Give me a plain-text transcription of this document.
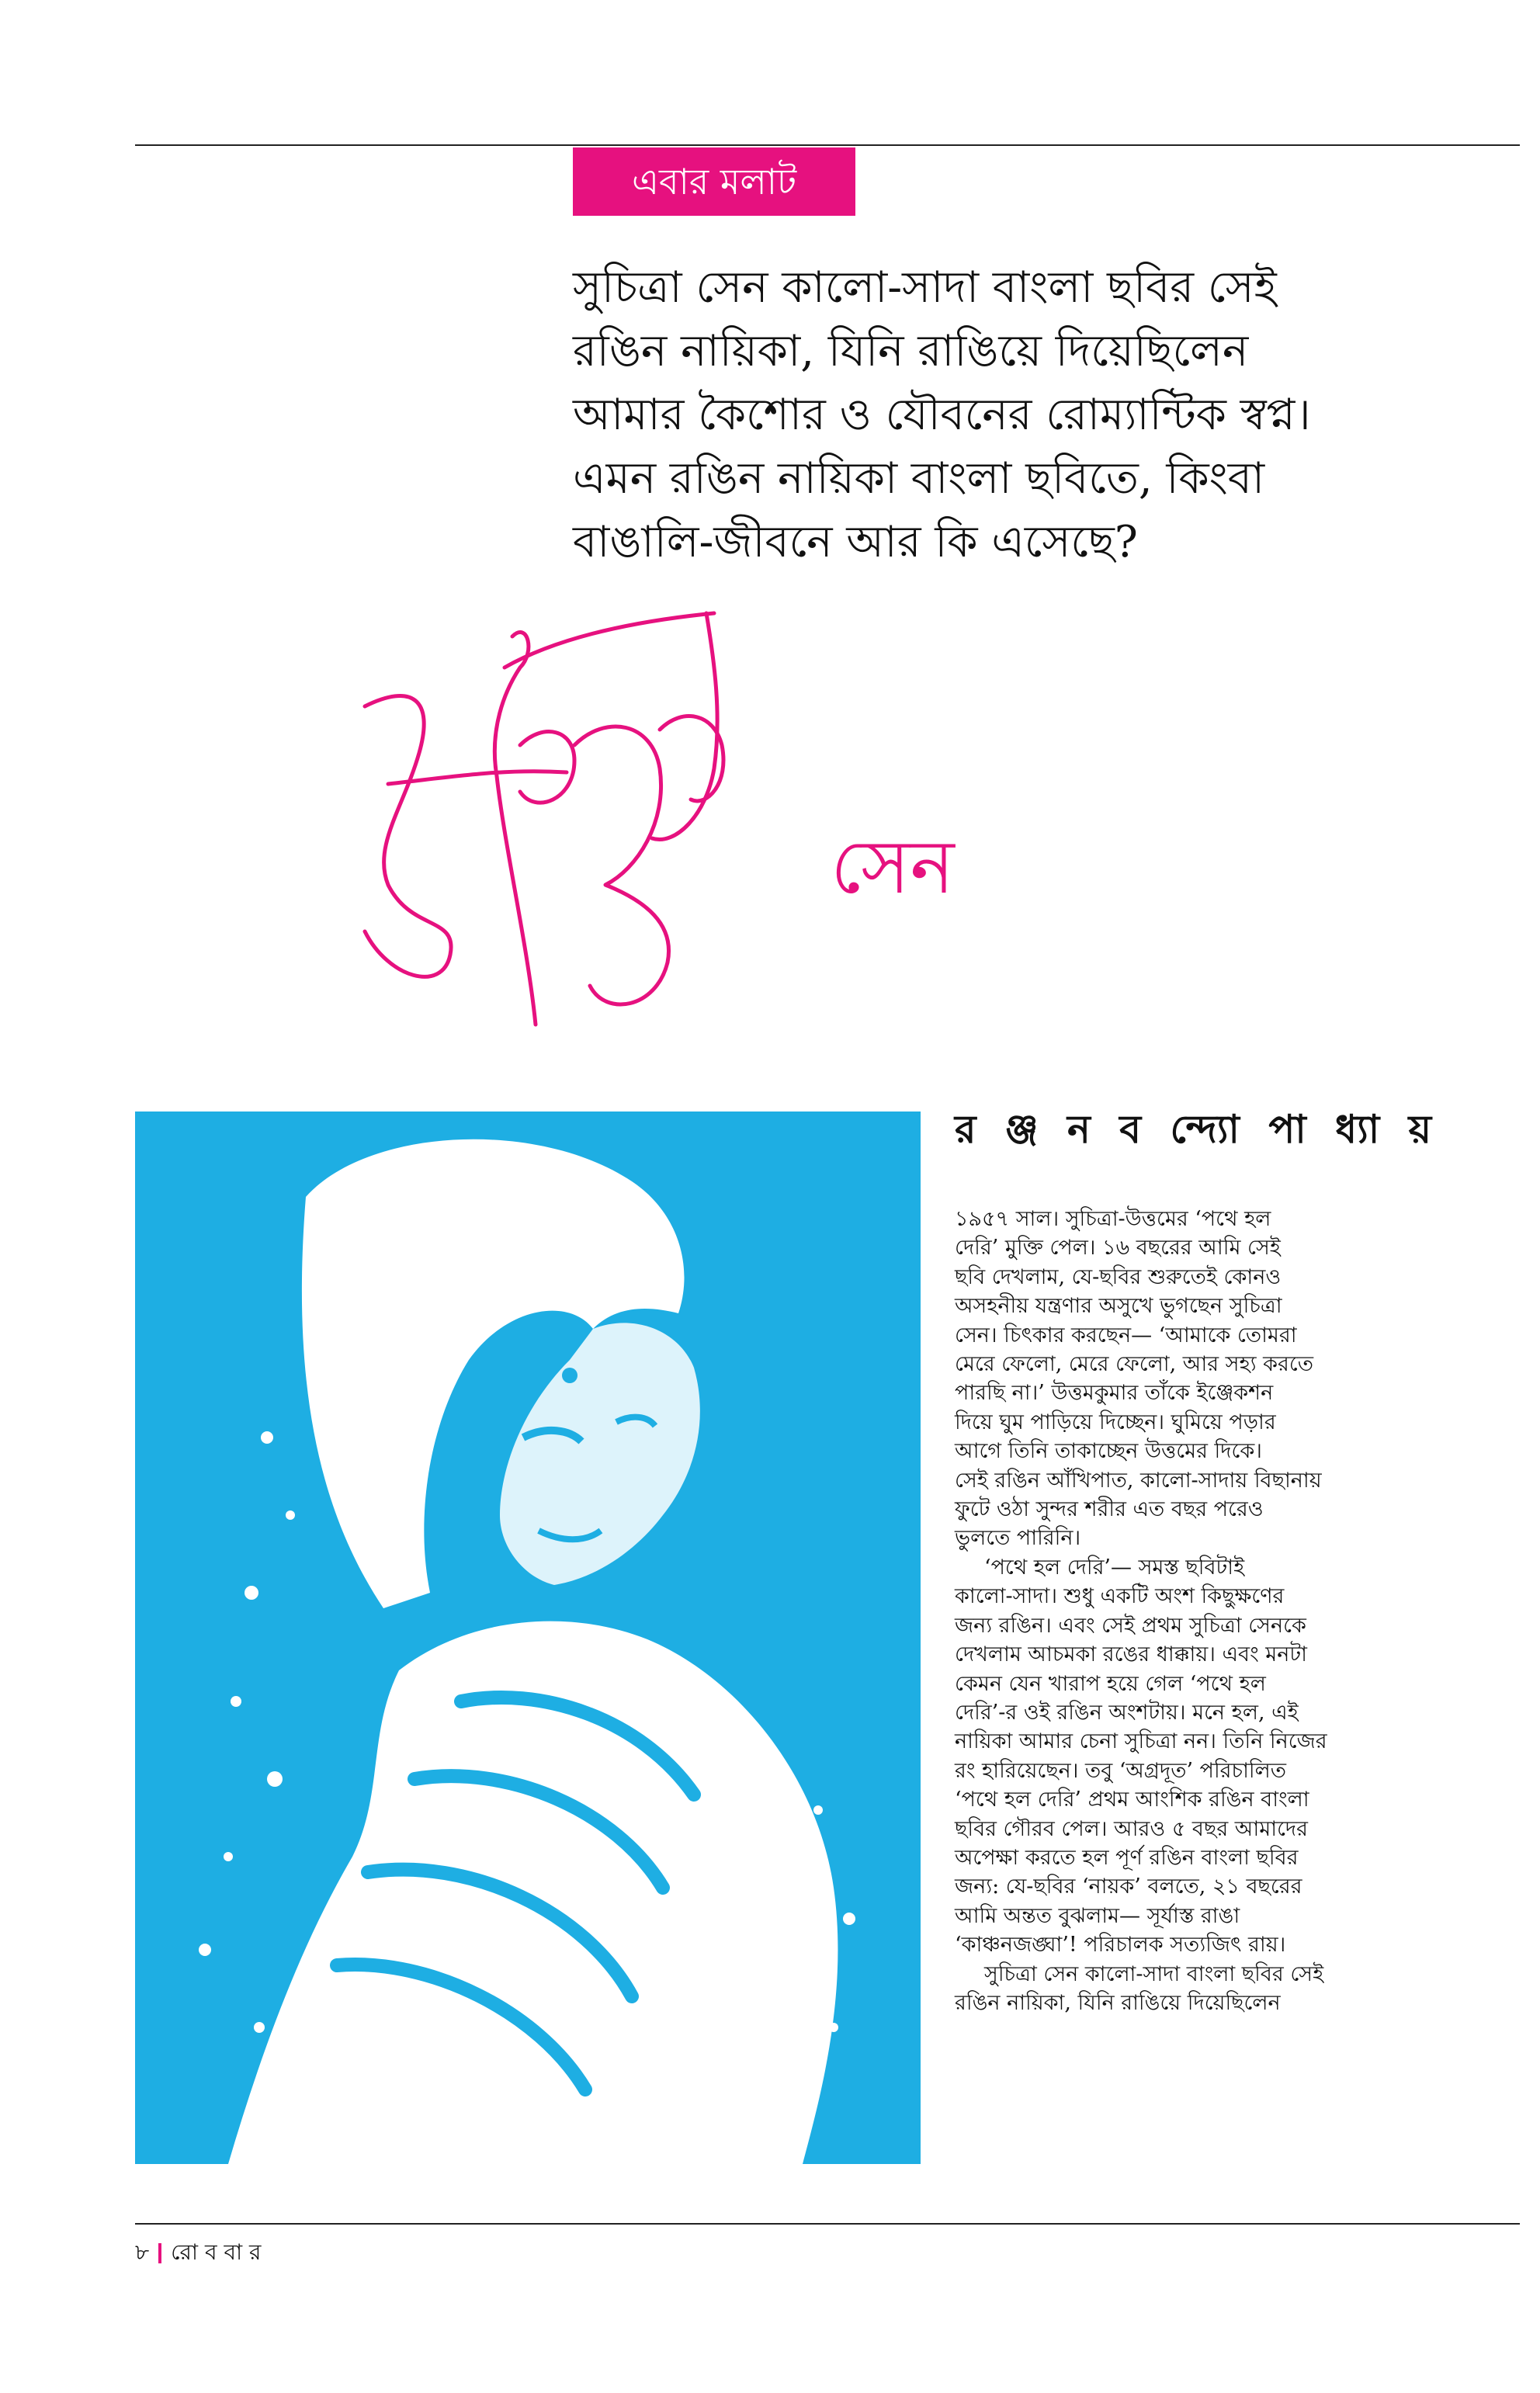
এবার মলাট
সুচিত্রা সেন কালো-সাদা বাংলা ছবির সেই
রঙিন নায়িকা, যিনি রাঙিয়ে দিয়েছিলেন
আমার কৈশোর ও যৌবনের রোম্যান্টিক স্বপ্ন।
এমন রঙিন নায়িকা বাংলা ছবিতে, কিংবা
বাঙালি-জীবনে আর কি এসেছে?
সেন
র ঞ্জ ন ব ন্দ্যো পা ধ্যা য়
১৯৫৭ সাল। সুচিত্রা-উত্তমের ‘পথে হল
দেরি’ মুক্তি পেল। ১৬ বছরের আমি সেই
ছবি দেখলাম, যে-ছবির শুরুতেই কোনও
অসহনীয় যন্ত্রণার অসুখে ভুগছেন সুচিত্রা
সেন। চিৎকার করছেন— ‘আমাকে তোমরা
মেরে ফেলো, মেরে ফেলো, আর সহ্য করতে
পারছি না।’ উত্তমকুমার তাঁকে ইঞ্জেকশন
দিয়ে ঘুম পাড়িয়ে দিচ্ছেন। ঘুমিয়ে পড়ার
আগে তিনি তাকাচ্ছেন উত্তমের দিকে।
সেই রঙিন আঁখিপাত, কালো-সাদায় বিছানায়
ফুটে ওঠা সুন্দর শরীর এত বছর পরেও
ভুলতে পারিনি।
‘পথে হল দেরি’— সমস্ত ছবিটাই
কালো-সাদা। শুধু একটি অংশ কিছুক্ষণের
জন্য রঙিন। এবং সেই প্রথম সুচিত্রা সেনকে
দেখলাম আচমকা রঙের ধাক্কায়। এবং মনটা
কেমন যেন খারাপ হয়ে গেল ‘পথে হল
দেরি’-র ওই রঙিন অংশটায়। মনে হল, এই
নায়িকা আমার চেনা সুচিত্রা নন। তিনি নিজের
রং হারিয়েছেন। তবু ‘অগ্রদূত’ পরিচালিত
‘পথে হল দেরি’ প্রথম আংশিক রঙিন বাংলা
ছবির গৌরব পেল। আরও ৫ বছর আমাদের
অপেক্ষা করতে হল পূর্ণ রঙিন বাংলা ছবির
জন্য: যে-ছবির ‘নায়ক’ বলতে, ২১ বছরের
আমি অন্তত বুঝলাম— সূর্যাস্ত রাঙা
‘কাঞ্চনজঙ্ঘা’! পরিচালক সত্যজিৎ রায়।
সুচিত্রা সেন কালো-সাদা বাংলা ছবির সেই
রঙিন নায়িকা, যিনি রাঙিয়ে দিয়েছিলেন
৮ রো ব বা র
